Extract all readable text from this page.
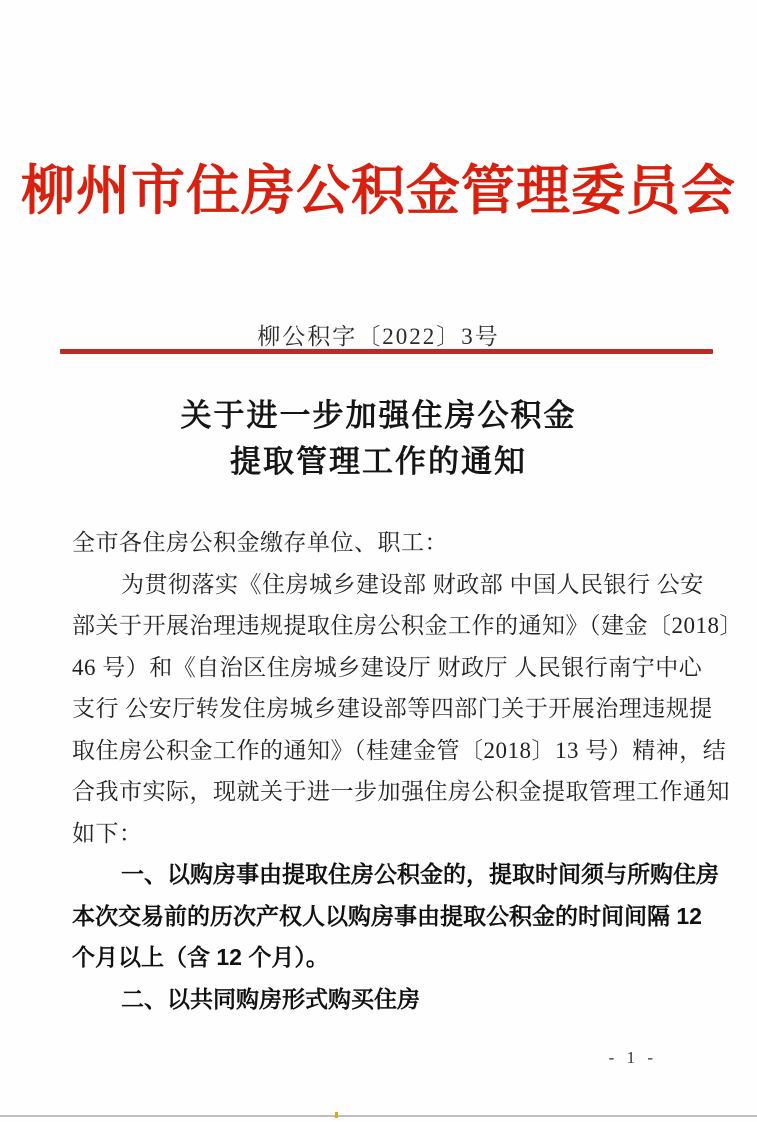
柳州市住房公积金管理委员会
柳公积字〔2022〕3号
关于进一步加强住房公积金
提取管理工作的通知
全市各住房公积金缴存单位、职工：
为贯彻落实《住房城乡建设部 财政部 中国人民银行 公安
部关于开展治理违规提取住房公积金工作的通知》（建金〔2018〕
46 号）和《自治区住房城乡建设厅 财政厅 人民银行南宁中心
支行 公安厅转发住房城乡建设部等四部门关于开展治理违规提
取住房公积金工作的通知》（桂建金管〔2018〕13 号）精神，结
合我市实际，现就关于进一步加强住房公积金提取管理工作通知
如下：
一、以购房事由提取住房公积金的，提取时间须与所购住房
本次交易前的历次产权人以购房事由提取公积金的时间间隔 12
个月以上（含 12 个月）。
二、以共同购房形式购买住房
- 1 -
